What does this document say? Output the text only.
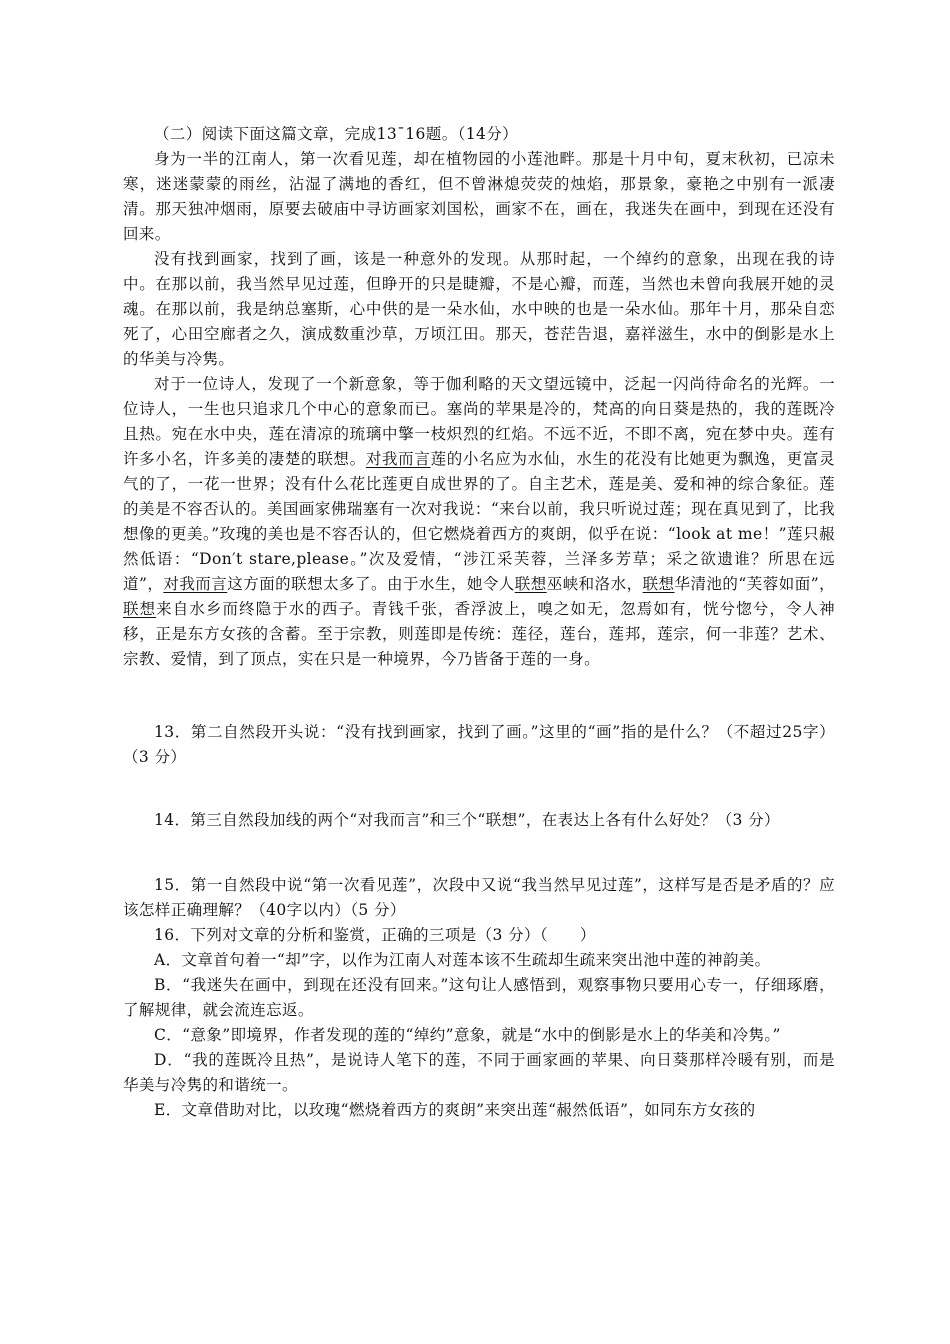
（二）阅读下面这篇文章，完成13¯16题。（14分）

身为一半的江南人，第一次看见莲，却在植物园的小莲池畔。那是十月中旬，夏末秋初，已凉未寒，迷迷蒙蒙的雨丝，沾湿了满地的香红，但不曾淋熄荧荧的烛焰，那景象，豪艳之中别有一派凄清。那天独冲烟雨，原要去破庙中寻访画家刘国松，画家不在，画在，我迷失在画中，到现在还没有回来。

没有找到画家，找到了画，该是一种意外的发现。从那时起，一个绰约的意象，出现在我的诗中。在那以前，我当然早见过莲，但睁开的只是睫瓣，不是心瓣，而莲，当然也未曾向我展开她的灵魂。在那以前，我是纳总塞斯，心中供的是一朵水仙，水中映的也是一朵水仙。那年十月，那朵自恋死了，心田空廊者之久，演成数重沙草，万顷江田。那天，苍茫告退，嘉祥滋生，水中的倒影是水上的华美与冷隽。

对于一位诗人，发现了一个新意象，等于伽利略的天文望远镜中，泛起一闪尚待命名的光辉。一位诗人，一生也只追求几个中心的意象而已。塞尚的苹果是冷的，梵高的向日葵是热的，我的莲既冷且热。宛在水中央，莲在清凉的琉璃中擎一枝炽烈的红焰。不远不近，不即不离，宛在梦中央。莲有许多小名，许多美的凄楚的联想。对我而言莲的小名应为水仙，水生的花没有比她更为飘逸，更富灵气的了，一花一世界；没有什么花比莲更自成世界的了。自主艺术，莲是美、爱和神的综合象征。莲的美是不容否认的。美国画家佛瑞塞有一次对我说：“来台以前，我只听说过莲；现在真见到了，比我想像的更美。”玫瑰的美也是不容否认的，但它燃烧着西方的爽朗，似乎在说：“look at me！”莲只赧然低语：“Don′t stare,please。”次及爱情，“涉江采芙蓉，兰泽多芳草；采之欲遗谁？所思在远道”，对我而言这方面的联想太多了。由于水生，她令人联想巫峡和洛水，联想华清池的“芙蓉如面”，联想来自水乡而终隐于水的西子。青钱千张，香浮波上，嗅之如无，忽焉如有，恍兮惚兮，令人神移，正是东方女孩的含蓄。至于宗教，则莲即是传统：莲径，莲台，莲邦，莲宗，何一非莲？艺术、宗教、爱情，到了顶点，实在只是一种境界，今乃皆备于莲的一身。

13．第二自然段开头说：“没有找到画家，找到了画。”这里的“画”指的是什么？（不超过25字）（3 分）

14．第三自然段加线的两个“对我而言”和三个“联想”，在表达上各有什么好处？（3 分）

15．第一自然段中说“第一次看见莲”，次段中又说“我当然早见过莲”，这样写是否是矛盾的？应该怎样正确理解？（40字以内）（5 分）

16．下列对文章的分析和鉴赏，正确的三项是（3 分）（　　）

A．文章首句着一“却”字，以作为江南人对莲本该不生疏却生疏来突出池中莲的神韵美。

B．“我迷失在画中，到现在还没有回来。”这句让人感悟到，观察事物只要用心专一，仔细琢磨，了解规律，就会流连忘返。

C．“意象”即境界，作者发现的莲的“绰约”意象，就是“水中的倒影是水上的华美和冷隽。”

D．“我的莲既冷且热”，是说诗人笔下的莲，不同于画家画的苹果、向日葵那样冷暖有别，而是华美与冷隽的和谐统一。

E．文章借助对比，以玫瑰“燃烧着西方的爽朗”来突出莲“赧然低语”，如同东方女孩的
